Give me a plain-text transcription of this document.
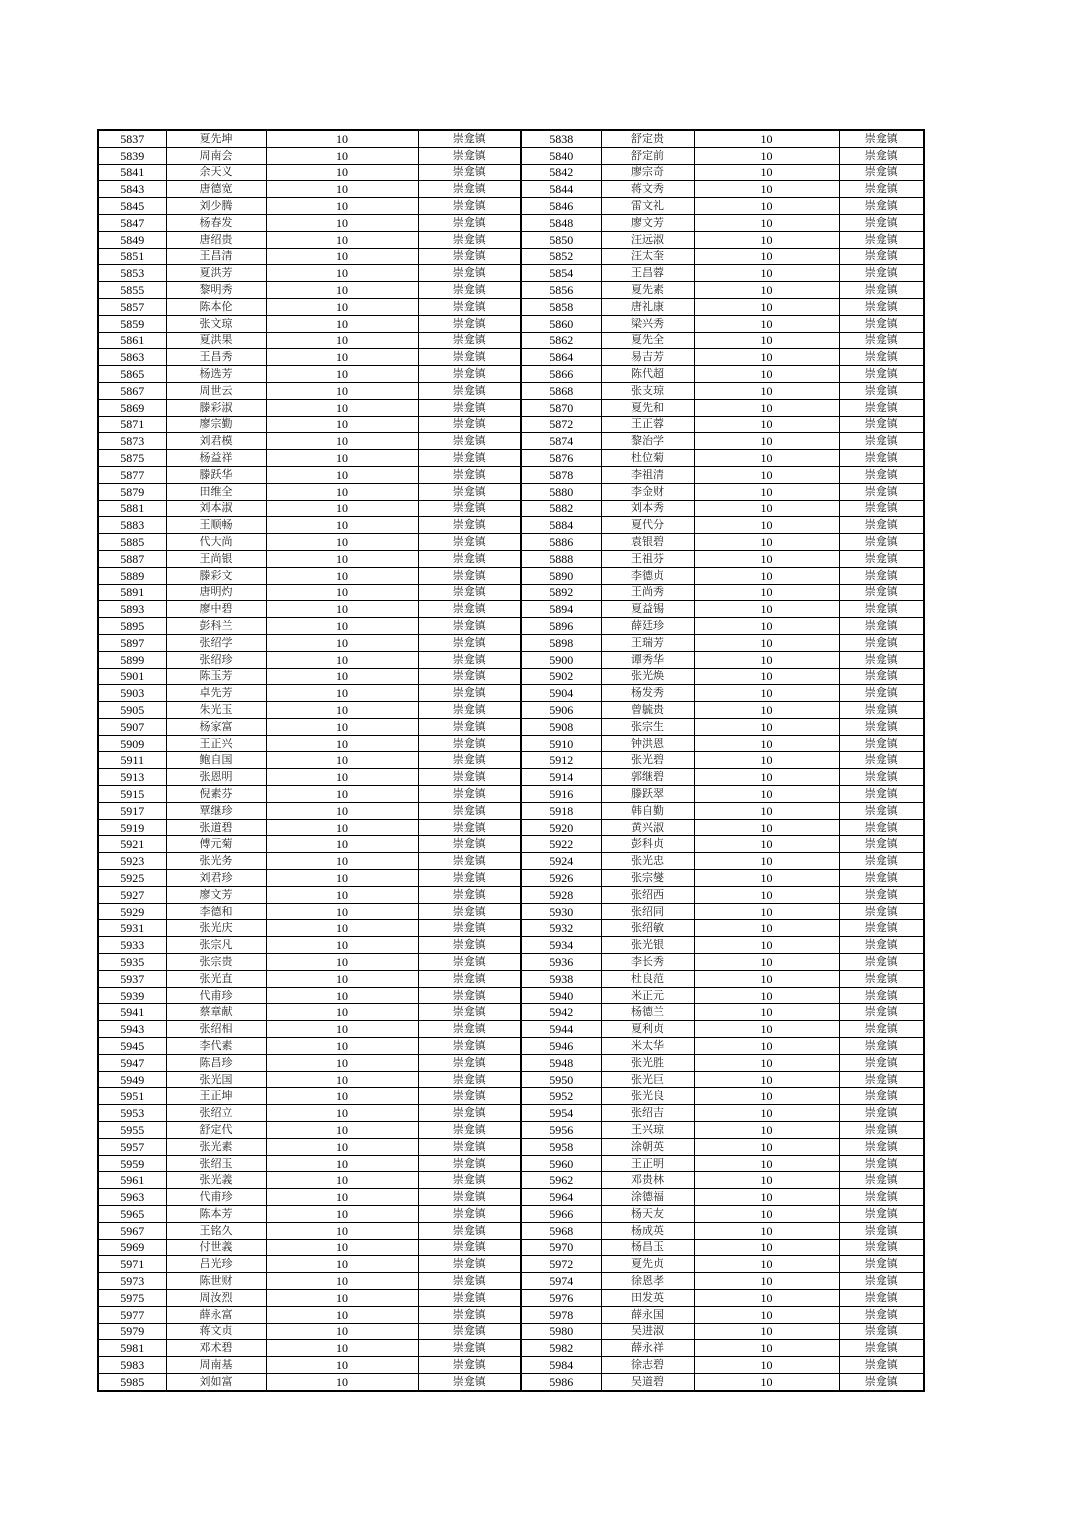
5837	夏先坤	10	崇龛镇	5838	舒定贵	10	崇龛镇
5839	周南会	10	崇龛镇	5840	舒定前	10	崇龛镇
5841	余天义	10	崇龛镇	5842	廖宗奇	10	崇龛镇
5843	唐德宽	10	崇龛镇	5844	蒋文秀	10	崇龛镇
5845	刘少腾	10	崇龛镇	5846	雷文礼	10	崇龛镇
5847	杨春发	10	崇龛镇	5848	廖文芳	10	崇龛镇
5849	唐绍贵	10	崇龛镇	5850	汪远淑	10	崇龛镇
5851	王昌清	10	崇龛镇	5852	汪太奎	10	崇龛镇
5853	夏洪芳	10	崇龛镇	5854	王昌蓉	10	崇龛镇
5855	黎明秀	10	崇龛镇	5856	夏先素	10	崇龛镇
5857	陈本伦	10	崇龛镇	5858	唐礼康	10	崇龛镇
5859	张文琼	10	崇龛镇	5860	梁兴秀	10	崇龛镇
5861	夏洪果	10	崇龛镇	5862	夏先全	10	崇龛镇
5863	王昌秀	10	崇龛镇	5864	易吉芳	10	崇龛镇
5865	杨选芳	10	崇龛镇	5866	陈代超	10	崇龛镇
5867	周世云	10	崇龛镇	5868	张支琼	10	崇龛镇
5869	滕彩淑	10	崇龛镇	5870	夏先和	10	崇龛镇
5871	廖宗勤	10	崇龛镇	5872	王正蓉	10	崇龛镇
5873	刘君模	10	崇龛镇	5874	黎治学	10	崇龛镇
5875	杨益祥	10	崇龛镇	5876	杜位菊	10	崇龛镇
5877	滕跃华	10	崇龛镇	5878	李祖清	10	崇龛镇
5879	田维全	10	崇龛镇	5880	李金财	10	崇龛镇
5881	刘本淑	10	崇龛镇	5882	刘本秀	10	崇龛镇
5883	王顺畅	10	崇龛镇	5884	夏代分	10	崇龛镇
5885	代大尚	10	崇龛镇	5886	袁银碧	10	崇龛镇
5887	王尚银	10	崇龛镇	5888	王祖芬	10	崇龛镇
5889	滕彩文	10	崇龛镇	5890	李德贞	10	崇龛镇
5891	唐明灼	10	崇龛镇	5892	王尚秀	10	崇龛镇
5893	廖中碧	10	崇龛镇	5894	夏益锡	10	崇龛镇
5895	彭科兰	10	崇龛镇	5896	薛廷珍	10	崇龛镇
5897	张绍学	10	崇龛镇	5898	王瑞芳	10	崇龛镇
5899	张绍珍	10	崇龛镇	5900	谭秀华	10	崇龛镇
5901	陈玉芳	10	崇龛镇	5902	张光焕	10	崇龛镇
5903	卓先芳	10	崇龛镇	5904	杨发秀	10	崇龛镇
5905	朱光玉	10	崇龛镇	5906	曾毓贵	10	崇龛镇
5907	杨家富	10	崇龛镇	5908	张宗生	10	崇龛镇
5909	王正兴	10	崇龛镇	5910	钟洪恩	10	崇龛镇
5911	鲍自国	10	崇龛镇	5912	张光碧	10	崇龛镇
5913	张恩明	10	崇龛镇	5914	郭继碧	10	崇龛镇
5915	倪素芬	10	崇龛镇	5916	滕跃翠	10	崇龛镇
5917	覃继珍	10	崇龛镇	5918	韩自勤	10	崇龛镇
5919	张道碧	10	崇龛镇	5920	黄兴淑	10	崇龛镇
5921	傅元菊	10	崇龛镇	5922	彭科贞	10	崇龛镇
5923	张光务	10	崇龛镇	5924	张光忠	10	崇龛镇
5925	刘君珍	10	崇龛镇	5926	张宗燮	10	崇龛镇
5927	廖文芳	10	崇龛镇	5928	张绍西	10	崇龛镇
5929	李德和	10	崇龛镇	5930	张绍同	10	崇龛镇
5931	张光庆	10	崇龛镇	5932	张绍敏	10	崇龛镇
5933	张宗凡	10	崇龛镇	5934	张光银	10	崇龛镇
5935	张宗贵	10	崇龛镇	5936	李长秀	10	崇龛镇
5937	张光直	10	崇龛镇	5938	杜良范	10	崇龛镇
5939	代甫珍	10	崇龛镇	5940	米正元	10	崇龛镇
5941	蔡章献	10	崇龛镇	5942	杨德兰	10	崇龛镇
5943	张绍相	10	崇龛镇	5944	夏利贞	10	崇龛镇
5945	李代素	10	崇龛镇	5946	米太华	10	崇龛镇
5947	陈昌珍	10	崇龛镇	5948	张光胜	10	崇龛镇
5949	张光国	10	崇龛镇	5950	张光巨	10	崇龛镇
5951	王正坤	10	崇龛镇	5952	张光良	10	崇龛镇
5953	张绍立	10	崇龛镇	5954	张绍吉	10	崇龛镇
5955	舒定代	10	崇龛镇	5956	王兴琼	10	崇龛镇
5957	张光素	10	崇龛镇	5958	涂朝英	10	崇龛镇
5959	张绍玉	10	崇龛镇	5960	王正明	10	崇龛镇
5961	张光義	10	崇龛镇	5962	邓贵林	10	崇龛镇
5963	代甫珍	10	崇龛镇	5964	涂德福	10	崇龛镇
5965	陈本芳	10	崇龛镇	5966	杨天友	10	崇龛镇
5967	王铭久	10	崇龛镇	5968	杨成英	10	崇龛镇
5969	付世義	10	崇龛镇	5970	杨昌玉	10	崇龛镇
5971	吕光珍	10	崇龛镇	5972	夏先贞	10	崇龛镇
5973	陈世财	10	崇龛镇	5974	徐恩孝	10	崇龛镇
5975	周汝烈	10	崇龛镇	5976	田发英	10	崇龛镇
5977	薛永富	10	崇龛镇	5978	薛永国	10	崇龛镇
5979	蒋文贞	10	崇龛镇	5980	吴进淑	10	崇龛镇
5981	邓术碧	10	崇龛镇	5982	薛永祥	10	崇龛镇
5983	周南基	10	崇龛镇	5984	徐志碧	10	崇龛镇
5985	刘如富	10	崇龛镇	5986	吴道碧	10	崇龛镇
